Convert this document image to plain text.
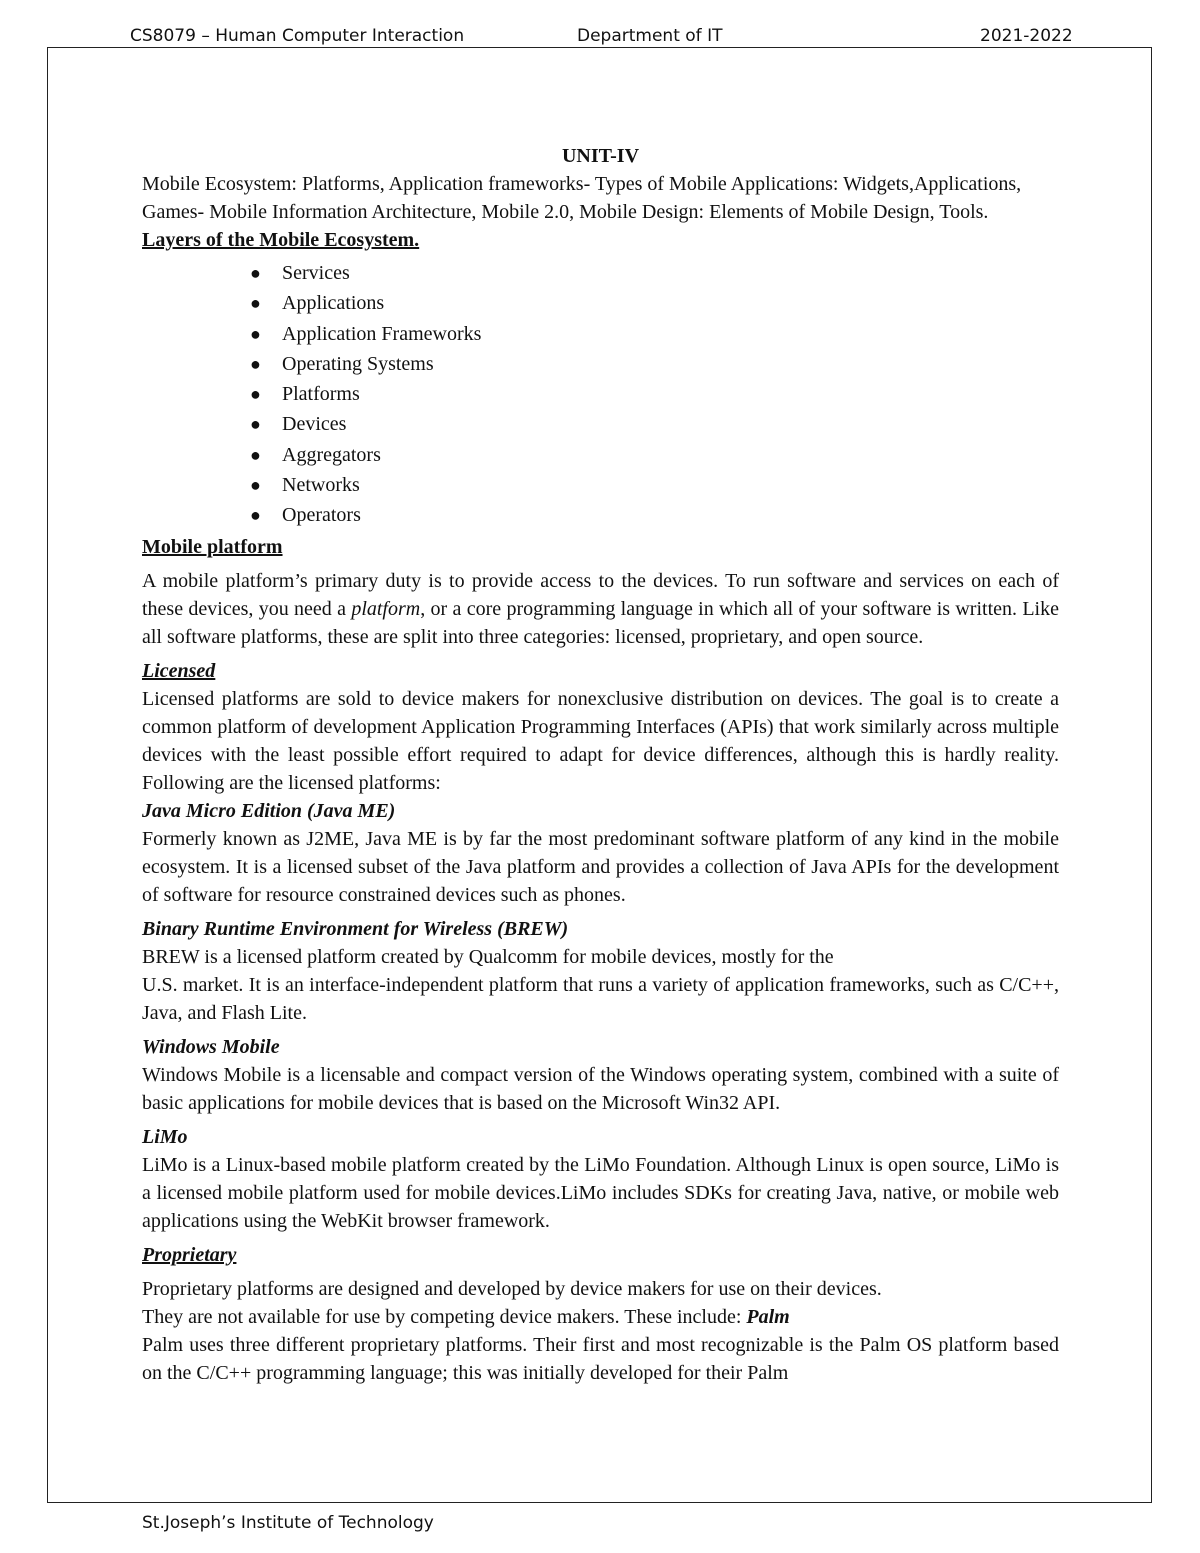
CS8079 – Human Computer Interaction	Department of IT	2021-2022

UNIT-IV

Mobile Ecosystem: Platforms, Application frameworks- Types of Mobile Applications: Widgets,Applications, Games- Mobile Information Architecture, Mobile 2.0, Mobile Design: Elements of Mobile Design, Tools.

Layers of the Mobile Ecosystem.

● Services
● Applications
● Application Frameworks
● Operating Systems
● Platforms
● Devices
● Aggregators
● Networks
● Operators

Mobile platform

A mobile platform’s primary duty is to provide access to the devices. To run software and services on each of these devices, you need a platform, or a core programming language in which all of your software is written. Like all software platforms, these are split into three categories: licensed, proprietary, and open source.

Licensed

Licensed platforms are sold to device makers for nonexclusive distribution on devices. The goal is to create a common platform of development Application Programming Interfaces (APIs) that work similarly across multiple devices with the least possible effort required to adapt for device differences, although this is hardly reality. Following are the licensed platforms:

Java Micro Edition (Java ME)

Formerly known as J2ME, Java ME is by far the most predominant software platform of any kind in the mobile ecosystem. It is a licensed subset of the Java platform and provides a collection of Java APIs for the development of software for resource constrained devices such as phones.

Binary Runtime Environment for Wireless (BREW)

BREW is a licensed platform created by Qualcomm for mobile devices, mostly for the

U.S. market. It is an interface-independent platform that runs a variety of application frameworks, such as C/C++, Java, and Flash Lite.

Windows Mobile

Windows Mobile is a licensable and compact version of the Windows operating system, combined with a suite of basic applications for mobile devices that is based on the Microsoft Win32 API.

LiMo

LiMo is a Linux-based mobile platform created by the LiMo Foundation. Although Linux is open source, LiMo is a licensed mobile platform used for mobile devices.LiMo includes SDKs for creating Java, native, or mobile web applications using the WebKit browser framework.

Proprietary

Proprietary platforms are designed and developed by device makers for use on their devices.

They are not available for use by competing device makers. These include: Palm

Palm uses three different proprietary platforms. Their first and most recognizable is the Palm OS platform based on the C/C++ programming language; this was initially developed for their Palm

St.Joseph’s Institute of Technology
